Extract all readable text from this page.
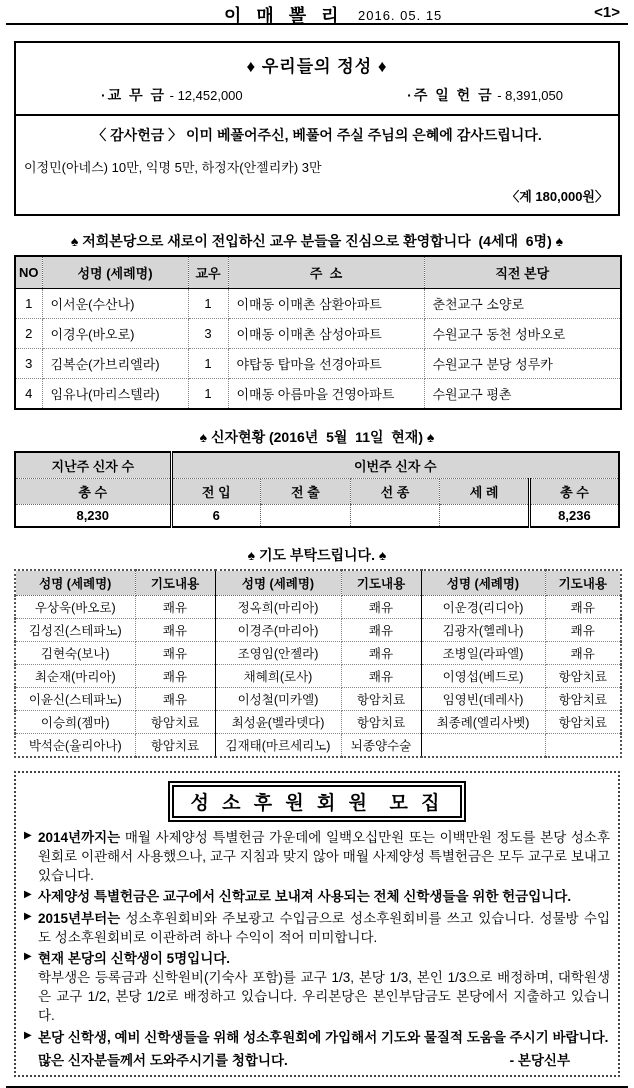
이 매 뽈 리 2016. 05. 15	<1>
♦ 우리들의 정성 ♦
·교 무 금 - 12,452,000	·주 일 헌 금 - 8,391,050
〈 감사헌금 〉 이미 베풀어주신, 베풀어 주실 주님의 은혜에 감사드립니다.
이정민(아네스) 10만, 익명 5만, 하정자(안젤리카) 3만
〈계 180,000원〉
♠ 저희본당으로 새로이 전입하신 교우 분들을 진심으로 환영합니다  (4세대  6명) ♠
NO	성명 (세례명)	교우	주  소	직전 본당
1	이서운(수산나)	1	이매동 이매촌 삼환아파트	춘천교구 소양로
2	이경우(바오로)	3	이매동 이매촌 삼성아파트	수원교구 동천 성바오로
3	김복순(가브리엘라)	1	야탑동 탑마을 선경아파트	수원교구 분당 성루카
4	임유나(마리스텔라)	1	이매동 아름마을 건영아파트	수원교구 평촌
♠ 신자현황 (2016년  5월  11일  현재) ♠
지난주 신자 수	이번주 신자 수				
총 수	전 입	전 출	선 종	세 례	총 수
8,230	6				8,236
♠ 기도 부탁드립니다. ♠
성명 (세례명)	기도내용	성명 (세례명)	기도내용	성명 (세례명)	기도내용
우상욱(바오로)	쾌유	정옥희(마리아)	쾌유	이운경(리디아)	쾌유
김성진(스테파노)	쾌유	이경주(마리아)	쾌유	김광자(헬레나)	쾌유
김현숙(보나)	쾌유	조영임(안젤라)	쾌유	조병일(라파엘)	쾌유
최순재(마리아)	쾌유	채혜희(로사)	쾌유	이영섭(베드로)	항암치료
이윤신(스테파노)	쾌유	이성철(미카엘)	항암치료	임영빈(데레사)	항암치료
이승희(젬마)	항암치료	최성윤(벨라뎃다)	항암치료	최종례(엘리사벳)	항암치료
박석순(율리아나)	항암치료	김재태(마르세리노)	뇌종양수술		
성 소 후 원 회 원  모 집
▶ 2014년까지는 매월 사제양성 특별헌금 가운데에 일백오십만원 또는 이백만원 정도를 본당 성소후원회로 이관해서 사용했으나, 교구 지침과 맞지 않아 매월 사제양성 특별헌금은 모두 교구로 보내고 있습니다.
▶ 사제양성 특별헌금은 교구에서 신학교로 보내져 사용되는 전체 신학생들을 위한 헌금입니다.
▶ 2015년부터는 성소후원회비와 주보광고 수입금으로 성소후원회비를 쓰고 있습니다. 성물방 수입도 성소후원회비로 이관하려 하나 수익이 적어 미미합니다.
▶ 현재 본당의 신학생이 5명입니다.
학부생은 등록금과 신학원비(기숙사 포함)를 교구 1/3, 본당 1/3, 본인 1/3으로 배정하며, 대학원생은 교구 1/2, 본당 1/2로 배정하고 있습니다. 우리본당은 본인부담금도 본당에서 지출하고 있습니다.
▶ 본당 신학생, 예비 신학생들을 위해 성소후원회에 가입해서 기도와 물질적 도움을 주시기 바랍니다.
많은 신자분들께서 도와주시기를 청합니다.	- 본당신부
